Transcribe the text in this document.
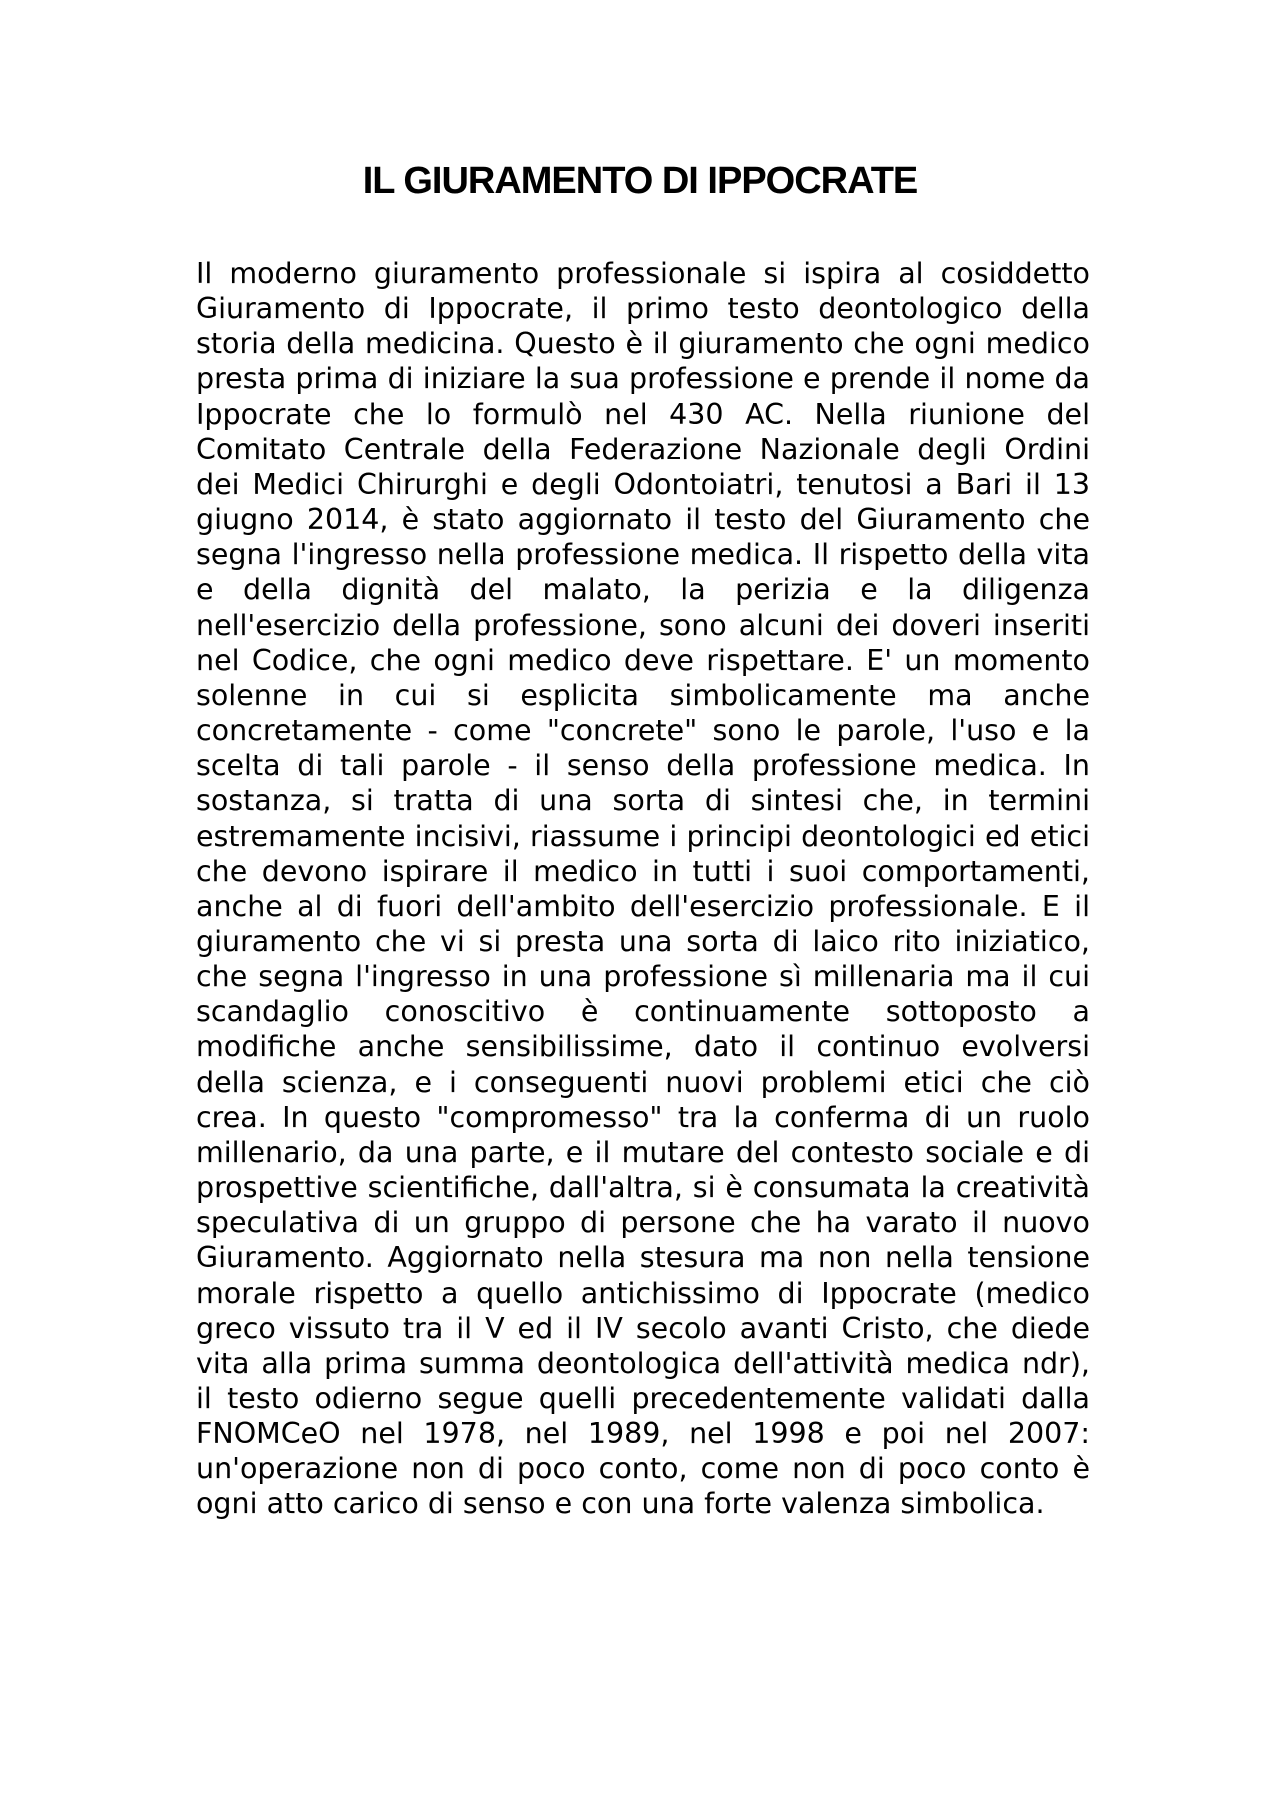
IL GIURAMENTO DI IPPOCRATE

Il moderno giuramento professionale si ispira al cosiddetto Giuramento di Ippocrate, il primo testo deontologico della storia della medicina. Questo è il giuramento che ogni medico presta prima di iniziare la sua professione e prende il nome da Ippocrate che lo formulò nel 430 AC. Nella riunione del Comitato Centrale della Federazione Nazionale degli Ordini dei Medici Chirurghi e degli Odontoiatri, tenutosi a Bari il 13 giugno 2014, è stato aggiornato il testo del Giuramento che segna l'ingresso nella professione medica. Il rispetto della vita e della dignità del malato, la perizia e la diligenza nell'esercizio della professione, sono alcuni dei doveri inseriti nel Codice, che ogni medico deve rispettare. E' un momento solenne in cui si esplicita simbolicamente ma anche concretamente - come "concrete" sono le parole, l'uso e la scelta di tali parole - il senso della professione medica. In sostanza, si tratta di una sorta di sintesi che, in termini estremamente incisivi, riassume i principi deontologici ed etici che devono ispirare il medico in tutti i suoi comportamenti, anche al di fuori dell'ambito dell'esercizio professionale. E il giuramento che vi si presta una sorta di laico rito iniziatico, che segna l'ingresso in una professione sì millenaria ma il cui scandaglio conoscitivo è continuamente sottoposto a modifiche anche sensibilissime, dato il continuo evolversi della scienza, e i conseguenti nuovi problemi etici che ciò crea. In questo "compromesso" tra la conferma di un ruolo millenario, da una parte, e il mutare del contesto sociale e di prospettive scientifiche, dall'altra, si è consumata la creatività speculativa di un gruppo di persone che ha varato il nuovo Giuramento. Aggiornato nella stesura ma non nella tensione morale rispetto a quello antichissimo di Ippocrate (medico greco vissuto tra il V ed il IV secolo avanti Cristo, che diede vita alla prima summa deontologica dell'attività medica ndr), il testo odierno segue quelli precedentemente validati dalla FNOMCeO nel 1978, nel 1989, nel 1998 e poi nel 2007: un'operazione non di poco conto, come non di poco conto è ogni atto carico di senso e con una forte valenza simbolica.
